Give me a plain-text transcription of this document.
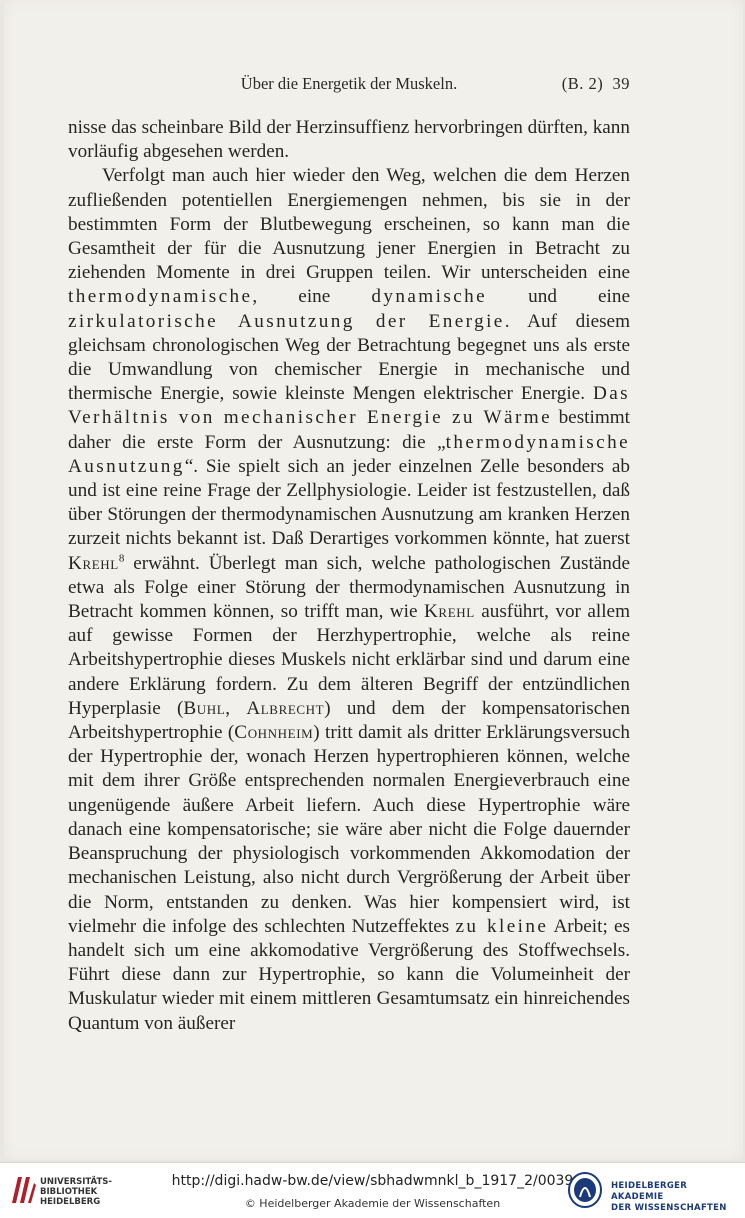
Über die Energetik der Muskeln.	(B. 2) 39

nisse das scheinbare Bild der Herzinsuffienz hervorbringen dürften, kann vorläufig abgesehen werden.

Verfolgt man auch hier wieder den Weg, welchen die dem Herzen zufließenden potentiellen Energiemengen nehmen, bis sie in der bestimmten Form der Blutbewegung erscheinen, so kann man die Gesamtheit der für die Ausnutzung jener Energien in Betracht zu ziehenden Momente in drei Gruppen teilen. Wir unterscheiden eine thermodynamische, eine dynamische und eine zirkulatorische Ausnutzung der Energie. Auf diesem gleichsam chronologischen Weg der Betrachtung begegnet uns als erste die Umwandlung von chemischer Energie in mechanische und thermische Energie, sowie kleinste Mengen elektrischer Energie. Das Verhältnis von mechanischer Energie zu Wärme bestimmt daher die erste Form der Ausnutzung: die „thermodynamische Ausnutzung“. Sie spielt sich an jeder einzelnen Zelle besonders ab und ist eine reine Frage der Zellphysiologie. Leider ist festzustellen, daß über Störungen der thermodynamischen Ausnutzung am kranken Herzen zurzeit nichts bekannt ist. Daß Derartiges vorkommen könnte, hat zuerst Krehl$^8$ erwähnt. Überlegt man sich, welche pathologischen Zustände etwa als Folge einer Störung der thermodynamischen Ausnutzung in Betracht kommen können, so trifft man, wie Krehl ausführt, vor allem auf gewisse Formen der Herzhypertrophie, welche als reine Arbeitshypertrophie dieses Muskels nicht erklärbar sind und darum eine andere Erklärung fordern. Zu dem älteren Begriff der entzündlichen Hyperplasie (Buhl, Albrecht) und dem der kompensatorischen Arbeitshypertrophie (Cohnheim) tritt damit als dritter Erklärungsversuch der Hypertrophie der, wonach Herzen hypertrophieren können, welche mit dem ihrer Größe entsprechenden normalen Energieverbrauch eine ungenügende äußere Arbeit liefern. Auch diese Hypertrophie wäre danach eine kompensatorische; sie wäre aber nicht die Folge dauernder Beanspruchung der physiologisch vorkommenden Akkomodation der mechanischen Leistung, also nicht durch Vergrößerung der Arbeit über die Norm, entstanden zu denken. Was hier kompensiert wird, ist vielmehr die infolge des schlechten Nutzeffektes zu kleine Arbeit; es handelt sich um eine akkomodative Vergrößerung des Stoffwechsels. Führt diese dann zur Hypertrophie, so kann die Volumeinheit der Muskulatur wieder mit einem mittleren Gesamtumsatz ein hinreichendes Quantum von äußerer

UNIVERSITÄTS-
BIBLIOTHEK
HEIDELBERG
http://digi.hadw-bw.de/view/sbhadwmnkl_b_1917_2/0039
© Heidelberger Akademie der Wissenschaften
HEIDELBERGER AKADEMIE
DER WISSENSCHAFTEN
